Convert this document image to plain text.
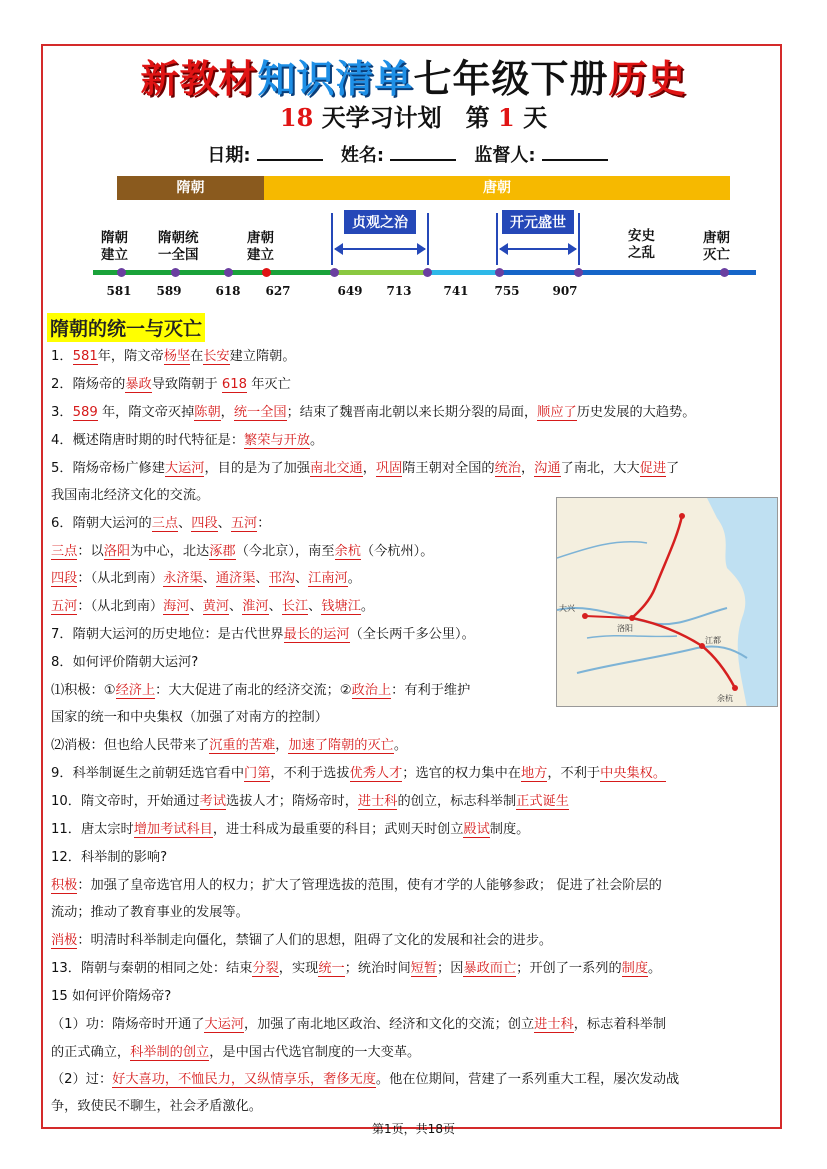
新教材知识清单七年级下册历史
18 天学习计划　第 1 天
日期:	姓名:	监督人:
隋朝	唐朝
隋朝
建立
隋朝统
一全国
唐朝
建立
安史
之乱
唐朝
灭亡
贞观之治	开元盛世
581 589	618 627	649 713	741 755	907
隋朝的统一与灭亡
1．581年，隋文帝杨坚在长安建立隋朝。
2．隋炀帝的暴政导致隋朝于 618 年灭亡
3．589 年，隋文帝灭掉陈朝，统一全国；结束了魏晋南北朝以来长期分裂的局面，顺应了历史发展的大趋势。
4．概述隋唐时期的时代特征是：繁荣与开放。
5．隋炀帝杨广修建大运河，目的是为了加强南北交通，巩固隋王朝对全国的统治，沟通了南北，大大促进了
我国南北经济文化的交流。
6．隋朝大运河的三点、四段、五河：
三点：以洛阳为中心，北达涿郡（今北京），南至余杭（今杭州）。
四段：（从北到南）永济渠、通济渠、邗沟、江南河。
五河：（从北到南）海河、黄河、淮河、长江、钱塘江。
7．隋朝大运河的历史地位：是古代世界最长的运河（全长两千多公里）。
8．如何评价隋朝大运河?
⑴积极：①经济上：大大促进了南北的经济交流；②政治上：有利于维护
国家的统一和中央集权（加强了对南方的控制）
⑵消极：但也给人民带来了沉重的苦难，加速了隋朝的灭亡。
9．科举制诞生之前朝廷选官看中门第，不利于选拔优秀人才；选官的权力集中在地方，不利于中央集权。
10．隋文帝时，开始通过考试选拔人才；隋炀帝时，进士科的创立，标志科举制正式诞生
11．唐太宗时增加考试科目，进士科成为最重要的科目；武则天时创立殿试制度。
12．科举制的影响?
积极：加强了皇帝选官用人的权力；扩大了管理选拔的范围，使有才学的人能够参政； 促进了社会阶层的
流动；推动了教育事业的发展等。
消极：明清时科举制走向僵化，禁锢了人们的思想，阻碍了文化的发展和社会的进步。
13．隋朝与秦朝的相同之处：结束分裂，实现统一；统治时间短暂；因暴政而亡；开创了一系列的制度。
15 如何评价隋炀帝?
（1）功：隋炀帝时开通了大运河，加强了南北地区政治、经济和文化的交流；创立进士科，标志着科举制
的正式确立，科举制的创立，是中国古代选官制度的一大变革。
（2）过：好大喜功，不恤民力，又纵情享乐，奢侈无度。他在位期间，营建了一系列重大工程，屡次发动战
争，致使民不聊生，社会矛盾激化。
大兴
洛阳
江都
余杭
第1页，共18页
